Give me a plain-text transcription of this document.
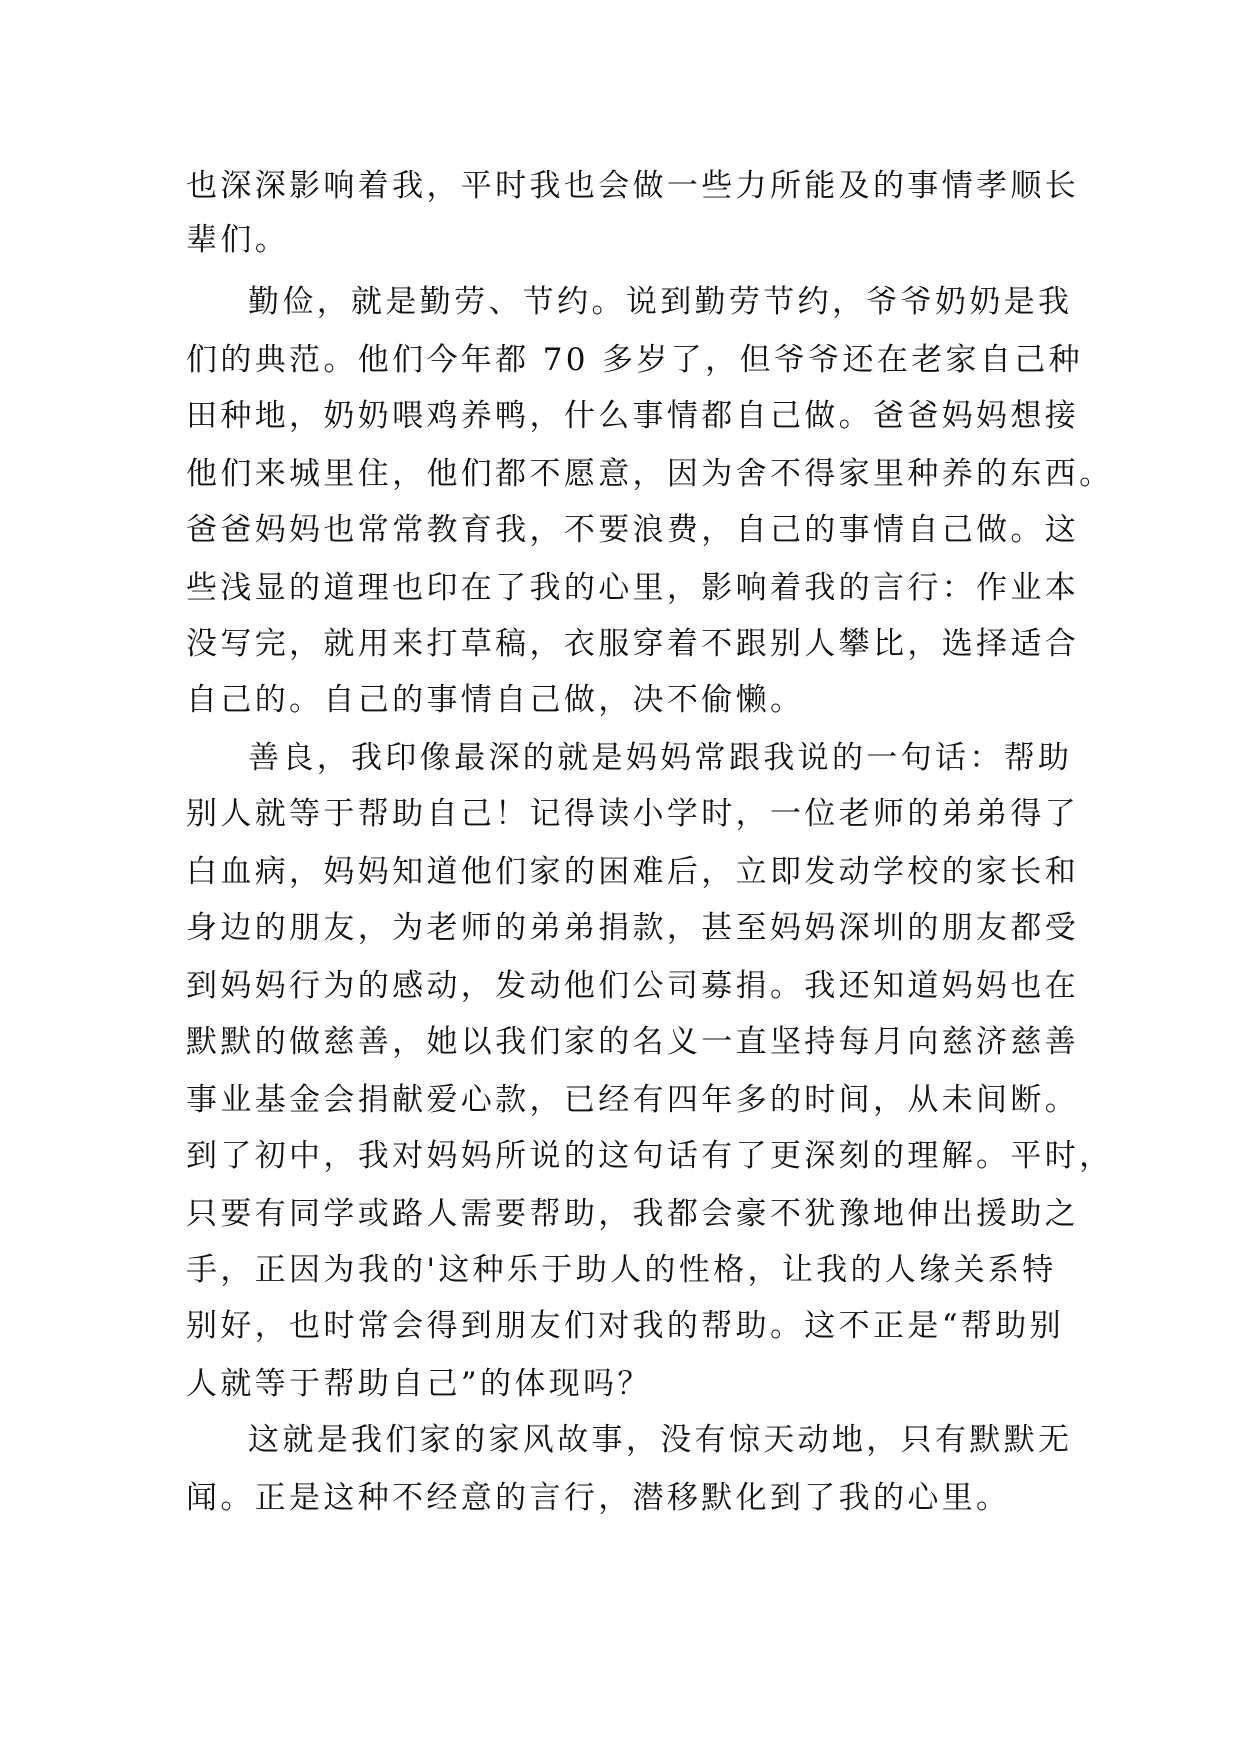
也深深影响着我，平时我也会做一些力所能及的事情孝顺长

辈们。

勤俭，就是勤劳、节约。说到勤劳节约，爷爷奶奶是我

们的典范。他们今年都 70 多岁了，但爷爷还在老家自己种

田种地，奶奶喂鸡养鸭，什么事情都自己做。爸爸妈妈想接

他们来城里住，他们都不愿意，因为舍不得家里种养的东西。

爸爸妈妈也常常教育我，不要浪费，自己的事情自己做。这

些浅显的道理也印在了我的心里，影响着我的言行：作业本

没写完，就用来打草稿，衣服穿着不跟别人攀比，选择适合

自己的。自己的事情自己做，决不偷懒。

善良，我印像最深的就是妈妈常跟我说的一句话：帮助

别人就等于帮助自己！记得读小学时，一位老师的弟弟得了

白血病，妈妈知道他们家的困难后，立即发动学校的家长和

身边的朋友，为老师的弟弟捐款，甚至妈妈深圳的朋友都受

到妈妈行为的感动，发动他们公司募捐。我还知道妈妈也在

默默的做慈善，她以我们家的名义一直坚持每月向慈济慈善

事业基金会捐献爱心款，已经有四年多的时间，从未间断。

到了初中，我对妈妈所说的这句话有了更深刻的理解。平时，

只要有同学或路人需要帮助，我都会豪不犹豫地伸出援助之

手，正因为我的'这种乐于助人的性格，让我的人缘关系特

别好，也时常会得到朋友们对我的帮助。这不正是“帮助别

人就等于帮助自己”的体现吗？

这就是我们家的家风故事，没有惊天动地，只有默默无

闻。正是这种不经意的言行，潜移默化到了我的心里。
